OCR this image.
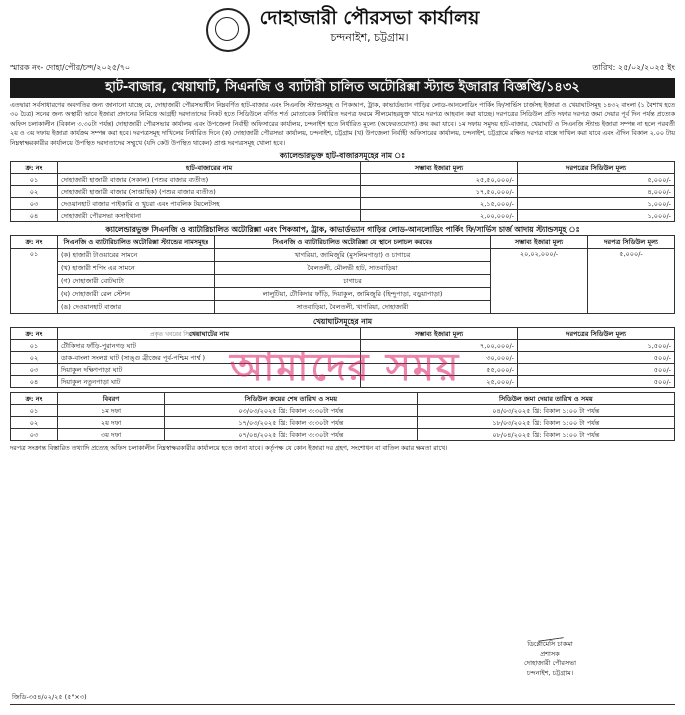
দোহাজারী পৌরসভা কার্যালয়
চন্দনাইশ, চট্টগ্রাম।
স্মারক নং- দোহা/পৌর/চন্দ/২০২৫/৭০	তারিখ: ২৫/০২/২০২৫ ইং
হাট-বাজার, খেয়াঘাট, সিএনজি ও ব্যাটারী চালিত অটোরিক্সা স্ট্যান্ড ইজারার বিজ্ঞপ্তি/১৪৩২
এতদ্বারা সর্বসাধারণের অবগতির জন্য জানানো যাচ্ছে যে, দোহাজারী পৌরসভাধীন নিম্নবর্ণিত হাট-বাজার এবং সিএনজি স্ট্যান্ডসমূহ ও পিকআপ, ট্রাক, কাভার্ডভ্যান গাড়ির লোড-আনলোডিং পার্কিং ফি/সার্ভিস চার্জসহ ইজারা ও খেয়াঘাটসমূহ ১৪৩২ বাংলা (১ বৈশাখ হতে ৩০ চৈত্র) সনের জন্য অস্থায়ী ভাবে ইজারা প্রদানের নিমিত্তে আগ্রহী দরদাতাদের নিকট হতে সিডিউলে বর্ণিত শর্ত মোতাবেক নির্ধারিত দরপত্র ফরমে সীলমোহরযুক্ত খামে দরপত্র আহবান করা যাচ্ছে। দরপত্রের সিডিউল প্রতি দফার দরপত্র জমা দেয়ার পূর্ব দিন পর্যন্ত প্রত্যেক অফিস চলাকালীন (বিকাল ৩.৩০টা পর্যন্ত) দোহাজারী পৌরসভার কার্যালয় এবং উপজেলা নির্বাহী অফিসারের কার্যালয়, চন্দনাইশ হতে নির্ধারিত মূল্যে (অফেরতযোগ্য) ক্রয় করা যাবে। ১ম দফায় সমুদয় হাট-বাজার, খেয়াঘাট ও সিএনজি স্ট্যান্ড ইজারা সম্পন্ন না হলে পরবর্তী ২য় ও ৩য় দফায় ইজারা কার্যক্রম সম্পন্ন করা হবে। দরপত্রসমূহ দাখিলের নির্ধারিত দিনে (ক) দোহাজারী পৌরসভা কার্যালয়, চন্দনাইশ, চট্টগ্রাম (খ) উপজেলা নির্বাহী অফিসারের কার্যালয়, চন্দনাইশ, চট্টগ্রামে রক্ষিত দরপত্র বাক্সে দাখিল করা যাবে এবং ঐদিন বিকাল ২.০০ টায় নিম্নস্বাক্ষরকারীর কার্যালয়ে উপস্থিত দরদাতাদের সম্মুখে (যদি কেউ উপস্থিত থাকেন) প্রাপ্ত দরপত্রসমূহ খোলা হবে।
ক্যালেন্ডারভুক্ত হাট-বাজারসমূহের নাম ঃ
ক্র: নং	হাট-বাজারের নাম	সম্ভাব্য ইজারা মূল্য	দরপত্রের সিডিউল মূল্য
০১	দোহাজারী হাজারী বাজার (সকাল) (পশুর বাজার ব্যতীত)	২৫,৫০,০০০/-	৫,০০০/-
০২	দোহাজারী হাজারী বাজার (সাপ্তাহিক) (পশুর বাজার ব্যতীত)	১৭,৫০,০০০/-	৪,০০০/-
০৩	দেওয়ানহাট বাজার পাইকারি ও খুচরা এবং পাবলিক টয়লেটসহ	২,১৫,০০০/-	১,০০০/-
০৪	দোহাজারী পৌরসভা কসাইখানা	২,০০,০০০/-	১,০০০/-
ক্যালেন্ডারভুক্ত সিএনজি ও ব্যাটারিচালিত অটোরিক্সা এবং পিকআপ, ট্রাক, কাভার্ডভ্যান গাড়ির লোড-আনলোডিং পার্কিং ফি/সার্ভিস চার্জ আদায় স্ট্যান্ডসমূহ ঃ
ক্র: নং	সিএনজি ও ব্যাটারিচালিত অটোরিক্সা স্ট্যান্ডের নামসমূহঃ	সিএনজি ও ব্যাটারিচালিত অটোরিক্সা যে স্থানে চলাচল করবেঃ	সম্ভাব্য ইজারা মূল্য	দরপত্র সিডিউল মূল্য
০১	(ক) হাজারী টাওয়ারের সামনে	খাগরিয়া, জামিজুরি (মুসলিমপাড়া) ও চাগাচর	২০,০২,০০০/-	৫,০০০/-
	(খ) হাজারী শপিং এর সামনে	বৈলতলী, মৌলভী হাট, সাতবাড়িয়া		
	(গ) দোহাজারী বোটঘাটা	চাগাচর		
	(ঘ) দোহাজারী রেল স্টেশন	লালুটিয়া, টৌকিদার ফাঁড়ি, দিয়াকুল, জামিজুরি (হিন্দুপাড়া, বড়ুয়াপাড়া)		
	(ঙ) দেওয়ানহাট বাজার	সাতবাড়িয়া, বৈলতলী, খাগরিয়া, দোহাজারী		
খেয়াঘাটসমূহের নাম
ক্র: নং	খেয়াঘাটের নাম	সম্ভাব্য ইজারা মূল্য	দরপত্রের সিডিউল মূল্য
০১	টৌকিদার ফাঁড়ি-পুরানগড় ঘাট	৭,০০,০০০/-	১,৫০০/-
০২	ডাক-বাংলা সংলগ্ন ঘাট (সাঙ্গু ব্রীজের পূর্ব-পশ্চিম পার্শ্ব )	৩০,০০০/-	৫০০/-
০৩	দিয়াকুল দক্ষিণপাড়া ঘাট	৫৫,০০০/-	৫০০/-
০৪	দিয়াকুল নতুনপাড়া ঘাট	২৫,০০০/-	৫০০/-
ক্র: নং	বিবরণ	সিডিউল ক্রয়ের শেষ তারিখ ও সময়	সিডিউল জমা দেয়ার তারিখ ও সময়
০১	১ম দফা	০৩/০৩/২০২৫ খ্রি: বিকাল ৩:৩০টা পর্যন্ত	০৪/০৩/২০২৫ খ্রি: বিকাল ১:০০ টা পর্যন্ত
০২	২য় দফা	১৭/০৩/২০২৫ খ্রি: বিকাল ৩:৩০টা পর্যন্ত	১৮/০৩/২০২৫ খ্রি: বিকাল ১:০০ টা পর্যন্ত
০৩	৩য় দফা	০৭/০৪/২০২৫ খ্রি: বিকাল ৩:৩০টা পর্যন্ত	০৮/০৪/২০২৫ খ্রি: বিকাল ১:০০ টা পর্যন্ত
দরপত্র সংক্রান্ত বিস্তারিত তথ্যাদি প্রত্যেহ অফিস চলাকালীন নিম্নস্বাক্ষরকারীর কার্যালয়ে হতে জানা যাবে। কর্তৃপক্ষ যে কোন ইজারা দর গ্রহণ, সংশোধন বা বাতিল করার ক্ষমতা রাখে।
প্রকৃত খবরের সিদ্ধান্ত
আমাদের সময়
ডিপ্লোমেসি চাকমা
প্রশাসক
দোহাজারী পৌরসভা
চন্দনাইশ, চট্টগ্রাম।
জিডি-৩৫৪/০২/২৫ (৫"×৩)
